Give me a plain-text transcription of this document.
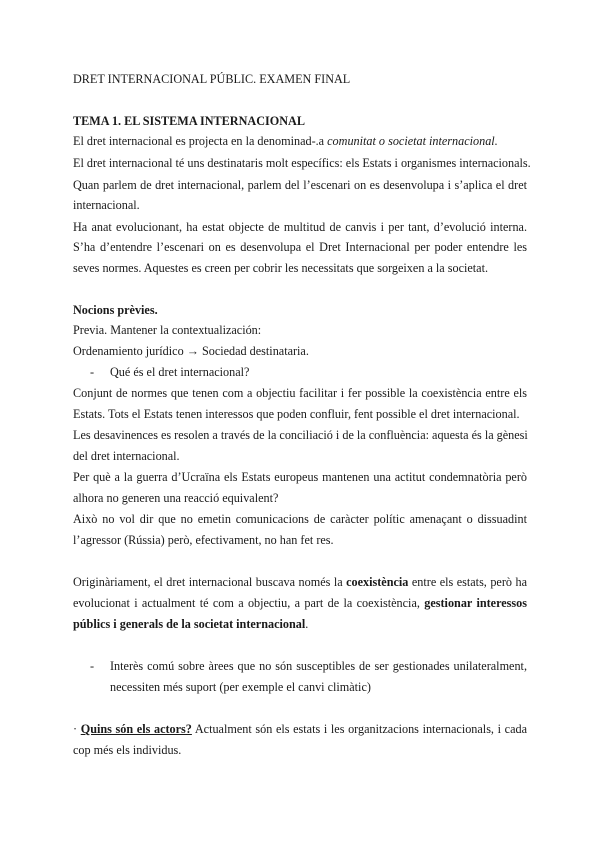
DRET INTERNACIONAL PÚBLIC. EXAMEN FINAL
TEMA 1. EL SISTEMA INTERNACIONAL
El dret internacional es projecta en la denominad-.a comunitat o societat internacional.
El dret internacional té uns destinataris molt específics: els Estats i organismes internacionals.
Quan parlem de dret internacional, parlem del l’escenari on es desenvolupa i s’aplica el dret
internacional.
Ha anat evolucionant, ha estat objecte de multitud de canvis i per tant, d’evolució interna.
S’ha d’entendre l’escenari on es desenvolupa el Dret Internacional per poder entendre les
seves normes. Aquestes es creen per cobrir les necessitats que sorgeixen a la societat.
Nocions prèvies.
Previa. Mantener la contextualización:
Ordenamiento jurídico → Sociedad destinataria.
- Qué és el dret internacional?
Conjunt de normes que tenen com a objectiu facilitar i fer possible la coexistència entre els
Estats. Tots el Estats tenen interessos que poden confluir, fent possible el dret internacional.
Les desavinences es resolen a través de la conciliació i de la confluència: aquesta és la gènesi
del dret internacional.
Per què a la guerra d’Ucraïna els Estats europeus mantenen una actitut condemnatòria però
alhora no generen una reacció equivalent?
Això no vol dir que no emetin comunicacions de caràcter polític amenaçant o dissuadint
l’agressor (Rússia) però, efectivament, no han fet res.
Originàriament, el dret internacional buscava només la coexistència entre els estats, però ha
evolucionat i actualment té com a objectiu, a part de la coexistència, gestionar interessos
públics i generals de la societat internacional.
- Interès comú sobre àrees que no són susceptibles de ser gestionades unilateralment,
necessiten més suport (per exemple el canvi climàtic)
· Quins són els actors? Actualment són els estats i les organitzacions internacionals, i cada
cop més els individus.
